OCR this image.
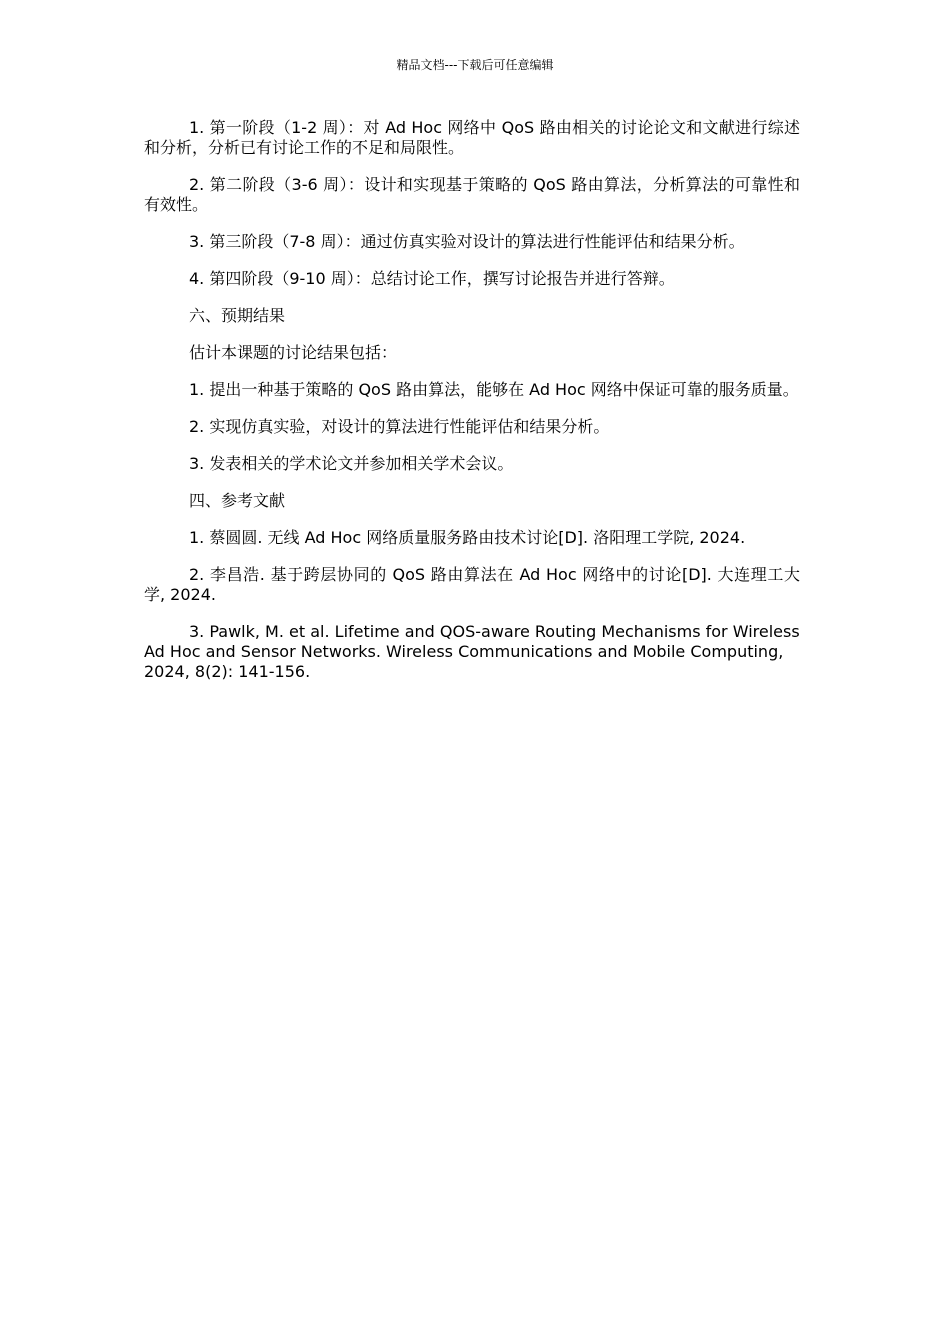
精品文档---下载后可任意编辑

1. 第一阶段（1-2 周）：对 Ad Hoc 网络中 QoS 路由相关的讨论论文和文献进行综述和分析，分析已有讨论工作的不足和局限性。

2. 第二阶段（3-6 周）：设计和实现基于策略的 QoS 路由算法，分析算法的可靠性和有效性。

3. 第三阶段（7-8 周）：通过仿真实验对设计的算法进行性能评估和结果分析。

4. 第四阶段（9-10 周）：总结讨论工作，撰写讨论报告并进行答辩。

六、预期结果

估计本课题的讨论结果包括：

1. 提出一种基于策略的 QoS 路由算法，能够在 Ad Hoc 网络中保证可靠的服务质量。

2. 实现仿真实验，对设计的算法进行性能评估和结果分析。

3. 发表相关的学术论文并参加相关学术会议。

四、参考文献

1. 蔡圆圆. 无线 Ad Hoc 网络质量服务路由技术讨论[D]. 洛阳理工学院, 2024.

2. 李昌浩. 基于跨层协同的 QoS 路由算法在 Ad Hoc 网络中的讨论[D]. 大连理工大学, 2024.

3. Pawlk, M. et al. Lifetime and QOS-aware Routing Mechanisms for Wireless Ad Hoc and Sensor Networks. Wireless Communications and Mobile Computing, 2024, 8(2): 141-156.
